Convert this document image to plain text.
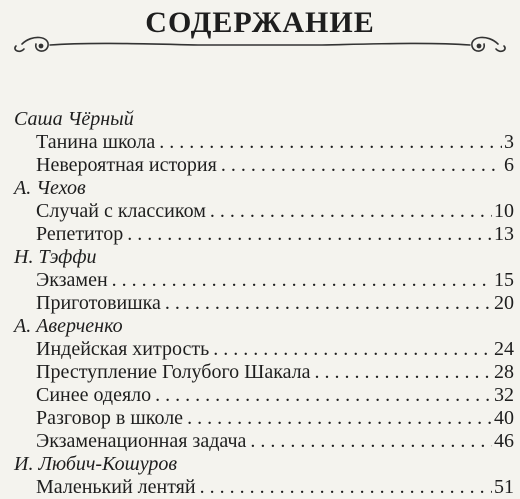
СОДЕРЖАНИЕ
Саша Чёрный
Танина школа . . .	3
Невероятная история . . .	6
А. Чехов
Случай с классиком . . .	10
Репетитор . . .	13
Н. Тэффи
Экзамен . . .	15
Приготовишка . . .	20
А. Аверченко
Индейская хитрость . . .	24
Преступление Голубого Шакала . . .	28
Синее одеяло . . .	32
Разговор в школе . . .	40
Экзаменационная задача . . .	46
И. Любич-Кошуров
Маленький лентяй . . .	51
